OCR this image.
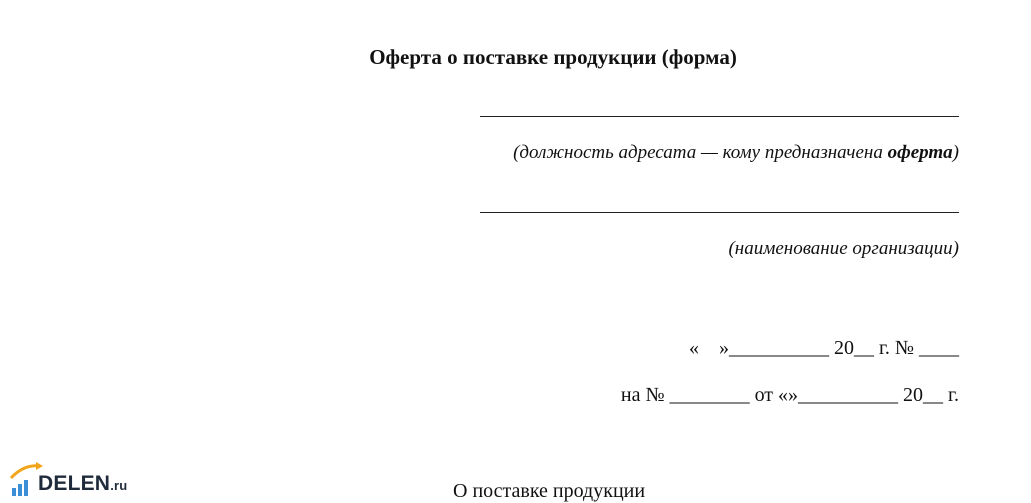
Оферта о поставке продукции (форма)
(должность адресата — кому предназначена оферта)
(наименование организации)
«    »__________ 20__ г. № ____
на № ________ от «»__________ 20__ г.
О поставке продукции
DELEN.ru
